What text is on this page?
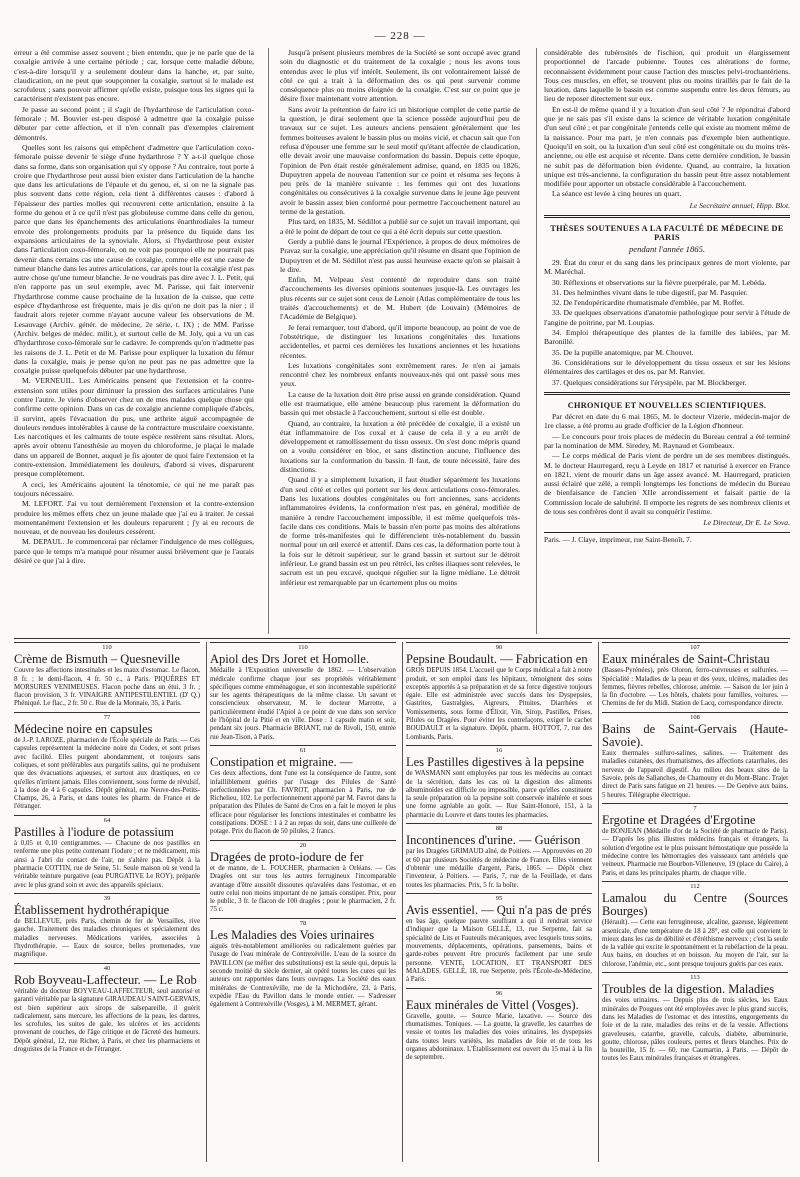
— 228 —

erreur a été commise assez souvent ; bien entendu, que je ne parle que de la coxalgie arrivée à une certaine période ; car, lorsque cette maladie débute, c'est-à-dire lorsqu'il y a seulement douleur dans la hanche, et, par suite, claudication, on ne peut que soupçonner la coxalgie, surtout si le malade est scrofuleux ; sans pouvoir affirmer qu'elle existe, puisque tous les signes qui la caractérisent n'existent pas encore.

Je passe au second point ; il s'agit de l'hydarthrose de l'articulation coxo-fémorale ; M. Bouvier est-peu disposé à admettre que la coxalgie puisse débuter par cette affection, et il n'en connaît pas d'exemples clairement démontrés.

Quelles sont les raisons qui empêchent d'admettre que l'articulation coxo-fémorale puisse devenir le siège d'une hydarthrose ? Y a-t-il quelque chose dans sa forme, dans son organisation qui s'y oppose ? Au contraire, tout porte à croire que l'hydarthrose peut aussi bien exister dans l'articulation de la hanche que dans les articulations de l'épaule et du genou, et, si on ne la signale pas plus souvent dans cette région, cela tient à différentes causes : d'abord à l'épaisseur des parties molles qui recouvrent cette articulation, ensuite à la forme du genou et à ce qu'il n'est pas globuleuse comme dans celle du genou, parce que dans les épanchements des articulations énarthrodiales la tumeur envoie des prolongements produits par la présence du liquide dans les expansions articulaires de la synoviale. Alors, si l'hydarthrose peut exister dans l'articulation coxo-fémorale, on ne voit pas pourquoi elle ne pourrait pas devenir dans certains cas une cause de coxalgie, comme elle est une cause de tumeur blanche dans les autres articulations, car après tout la coxalgie n'est pas autre chose qu'une tumeur blanche. Je ne voudrais pas dire avec J. L. Petit, qui n'en rapporte pas un seul exemple, avec M. Parisse, qui fait intervenir l'hydarthrose comme cause prochaine de la luxation de la cuisse, que cette espèce d'hydarthrose est fréquente, mais je dis qu'on ne doit pas la nier ; il faudrait alors rejeter comme n'ayant aucune valeur les observations de M. Lesauvage (Archiv. génér. de médecine, 2e série, t. IX) ; de MM. Parisse (Archiv. belges de médec. milit.), et surtout celle de M. Joly, qui a vu un cas d'hydarthrose coxo-fémorale sur le cadavre. Je comprends qu'on n'admette pas les raisons de J. L. Petit et de M. Parisse pour expliquer la luxation du fémur dans la coxalgie, mais je pense qu'on ne peut pas ne pas admettre que la coxalgie puisse quelquefois débuter par une hydarthrose.

M. VERNEUIL. Les Américains pensent que l'extension et la contre-extension sont utiles pour diminuer la pression des surfaces articulaires l'une contre l'autre. Je viens d'observer chez un de mes malades quelque chose qui confirme cette opinion. Dans un cas de coxalgie ancienne compliquée d'abcès, il survint, après l'évacuation du pus, une arthrite aiguë accompagnée de douleurs rendues intolérables à cause de la contracture musculaire coexistante. Les narcotiques et les calmants de toute espèce restèrent sans résultat. Alors, après avoir obtenu l'anesthésie au moyen du chloroforme, je plaçai le malade dans un appareil de Bonnet, auquel je fis ajouter de quoi faire l'extension et la contre-extension. Immédiatement les douleurs, d'abord si vives, disparurent presque complètement.

A ceci, les Américains ajoutent la ténotomie, ce qui ne me paraît pas toujours nécessaire.

M. LEFORT. J'ai vu tout dernièrement l'extension et la contre-extension produire les mêmes effets chez un jeune malade que j'ai eu à traiter. Je cessai momentanément l'extension et les douleurs reparurent ; j'y ai eu recours de nouveau, et de nouveau les douleurs cessèrent.

M. DEPAUL. Je commencerai par réclamer l'indulgence de mes collègues, parce que le temps m'a manqué pour résumer aussi brièvement que je l'aurais désiré ce que j'ai à dire.

Jusqu'à présent plusieurs membres de la Société se sont occupé avec grand soin du diagnostic et du traitement de la coxalgie ; nous les avons tous entendus avec le plus vif intérêt. Seulement, ils ont volontairement laissé de côté ce qui a trait à la déformation des os qui peut survenir comme conséquence plus ou moins éloignée de la coxalgie. C'est sur ce point que je désire fixer maintenant votre attention.

Sans avoir la prétention de faire ici un historique complet de cette partie de la question, je dirai seulement que la science possède aujourd'hui peu de travaux sur ce sujet. Les auteurs anciens pensaient généralement que les femmes boiteuses avaient le bassin plus ou moins vicié, et chacun sait que l'on refusa d'épouser une femme sur le seul motif qu'étant affectée de claudication, elle devait avoir une mauvaise conformation du bassin. Depuis cette époque, l'opinion de Pen était restée généralement admise, quand, en 1835 ou 1826, Dupuytren appela de nouveau l'attention sur ce point et résuma ses leçons à peu près de la manière suivante : les femmes qui ont des luxations congénitales ou consécutives à la coxalgie survenue dans le jeune âge peuvent avoir le bassin assez bien conformé pour permettre l'accouchement naturel au terme de la gestation.

Plus tard, en 1835, M. Sédillot a publié sur ce sujet un travail important, qui a été le point de départ de tout ce qui a été écrit depuis sur cette question.

Gerdy a publié dans le journal l'Expérience, à propos de deux mémoires de Pravaz sur la coxalgie, une appréciation qu'il résume en disant que l'opinion de Dupuytren et de M. Sédillot n'est pas aussi heureuse exacte qu'on se plaisait à le dire.

Enfin, M. Velpeau s'est contenté de reproduire dans son traité d'accouchements les diverses opinions soutenues jusque-là. Les ouvrages les plus récents sur ce sujet sont ceux de Lenoir (Atlas complémentaire de tous les traités d'accouchements) et de M. Hubert (de Louvain) (Mémoires de l'Académie de Belgique).

Je ferai remarquer, tout d'abord, qu'il importe beaucoup, au point de vue de l'obstétrique, de distinguer les luxations congénitales des luxations accidentelles, et parmi ces dernières les luxations anciennes et les luxations récentes.

Les luxations congénitales sont extrêmement rares. Je n'en ai jamais rencontré chez les nombreux enfants nouveaux-nés qui ont passé sous mes yeux.

La cause de la luxation doit être prise aussi en grande considération. Quand elle est traumatique, elle amène beaucoup plus rarement la déformation du bassin qui met obstacle à l'accouchement, surtout si elle est double.

Quand, au contraire, la luxation a été précédée de coxalgie, il a existé un état inflammatoire de l'os coxal et à cause de cela il y a eu arrêt de développement et ramollissement du tissu osseux. On s'est donc mépris quand on a voulu considérer en bloc, et sans distinction aucune, l'influence des luxations sur la conformation du bassin. Il faut, de toute nécessité, faire des distinctions.

Quand il y a simplement luxation, il faut étudier séparément les luxations d'un seul côté et celles qui portent sur les deux articulations coxo-fémorales. Dans les luxations doubles congénitales ou fort anciennes, sans accidents inflammatoires évidents, la conformation n'est pas, en général, modifiée de manière à rendre l'accouchement impossible, il est même quelquefois très-facile dans ces conditions. Mais le bassin n'en porte pas moins des altérations de forme très-manifestes qui le différencient très-notablement du bassin normal pour un œil exercé et attentif. Dans ces cas, la déformation porte tout à la fois sur le détroit supérieur, sur le grand bassin et surtout sur le détroit inférieur. Le grand bassin est un peu rétréci, les crêtes iliaques sont relevées, le sacrum est un peu excavé, quoique régulier sur la ligne médiane. Le détroit inférieur est remarquable par un écartement plus ou moins

considérable des tubérosités de l'ischion, qui produit un élargissement proportionnel de l'arcade pubienne. Toutes ces altérations de forme, reconnaissent évidemment pour cause l'action des muscles pelvi-trochantériens. Tous ces muscles, en effet, se trouvent plus ou moins tiraillés par le fait de la luxation, dans laquelle le bassin est comme suspendu entre les deux fémurs, au lieu de reposer directement sur eux.

En est-il de même quand il y a luxation d'un seul côté ? Je répondrai d'abord que je ne sais pas s'il existe dans la science de véritable luxation congénitale d'un seul côté ; et par congénitale j'entends celle qui existe au moment même de la naissance. Pour ma part, je n'en connais pas d'exemple bien authentique. Quoiqu'il en soit, ou la luxation d'un seul côté est congénitale ou du moins très-ancienne, ou elle est acquise et récente. Dans cette dernière condition, le bassin ne subit pas de déformation bien évidente. Quand, au contraire, la luxation unique est très-ancienne, la configuration du bassin peut être assez notablement modifiée pour apporter un obstacle considérable à l'accouchement.

La séance est levée à cinq heures un quart.

Le Secrétaire annuel, Hipp. Blot.
THÈSES SOUTENUES A LA FACULTÉ DE MÉDECINE DE PARIS
pendant l'année 1865.

29. État du cœur et du sang dans les principaux genres de mort violente, par M. Maréchal.

30. Réflexions et observations sur la fièvre puerpérale, par M. Lebéda.

31. Des helminthes vivant dans le tube digestif, par M. Pasquier.

32. De l'endopéricardite rhumatismale d'emblée, par M. Roffet.

33. De quelques observations d'anatomie pathologique pour servir à l'étude de l'angine de poitrine, par M. Loupias.

34. Emploi thérapeutique des plantes de la famille des labiées, par M. Baronillé.

35. De la pupille anatomique, par M. Chouvet.

36. Considérations sur le développement du tissu osseux et sur les lésions élémentaires des cartilages et des os, par M. Ranvier.

37. Quelques considérations sur l'érysipèle, par M. Blockberger.

CHRONIQUE ET NOUVELLES SCIENTIFIQUES.

Par décret en date du 6 mai 1865, M. le docteur Vizerie, médecin-major de 1re classe, a été promu au grade d'officier de la Légion d'honneur.

— Le concours pour trois places de médecin du Bureau central a été terminé par la nomination de MM. Siredey, M. Raynaud et Gombeaux.

— Le corps médical de Paris vient de perdre un de ses membres distingués. M. le docteur Haurregard, reçu à Leyde en 1817 et naturisé à exercer en France en 1821, vient de mourir dans un âge assez avancé. M. Haurregard, praticien aussi éclairé que zélé, a rempli longtemps les fonctions de médecin du Bureau de bienfaisance de l'ancien XIIe arrondissement et faisait partie de la Commission locale de salubrité. Il emporte les regrets de ses nombreux clients et de tous ses confrères dont il avait su conquérir l'estime.

Le Directeur, Dr E. Le Sova.

Paris. — J. Claye, imprimeur, rue Saint-Benoît, 7.

110
Crème de Bismuth – Quesneville

Couvre les affections intestinales et les maux d'estomac. Le flacon, 8 fr. ; le demi-flacon, 4 fr. 50 c., à Paris. PIQUÈRES ET MORSURES VENIMEUSES. Flacon poche dans un étui, 3 fr. ; flacon provision, 3 fr. VINAIGRE ANTIPESTILENTIEL (D' Q.) Phéniqué. Le flac., 2 fr. 50 c. Rue de la Monnaie, 35, à Paris.

77
Médecine noire en capsules

de J.-P. LAROZE, pharmacien de l'École spéciale de Paris. — Ces capsules représentent la médecine noire du Codex, et sont prises avec facilité. Elles purgent abondamment, et toujours sans coliques, et sont préférables aux purgatifs salins, qui ne produisent que des évacuations aqueuses, et surtout aux drastiques, en ce qu'elles n'irritent jamais. Elles conviennent, sous forme de révulsif, à la dose de 4 à 6 capsules. Dépôt général, rue Neuve-des-Petits-Champs, 26, à Paris, et dans toutes les pharm. de France et de l'étranger.

64
Pastilles à l'iodure de potassium

à 0,05 et 0,10 centigrammes. — Chacune de nos pastilles en renferme une plus petite contenant l'iodure ; et ne médicament, mis ainsi à l'abri du contact de l'air, ne s'altère pas. Dépôt à la pharmacie COTTIN, rue de Seine, 51. Seule maison où se vend la véritable teinture purgative (eau PURGATIVE Le ROY), préparée avec le plus grand soin et avec des appareils spéciaux.

39
Établissement hydrothérapique

de BELLEVUE, près Paris, chemin de fer de Versailles, rive gauche. Traitement des maladies chroniques et spécialement des maladies nerveuses. Médications variées, associées à l'hydrothérapie. — Eaux de source, belles promenades, vue magnifique.

40
Rob Boyveau-Laffecteur. — Le Rob

véritable du docteur BOYVEAU-LAFFECTEUR, seul autorisé et garanti véritable par la signature GIRAUDEAU SAINT-GERVAIS, est bien supérieur aux sirops de salsepareille, il guérit radicalement, sans mercure, les affections de la peau, les dartres, les scrofules, les suites de gale, les ulcères et les accidents provenant de couches, de l'âge critique et de l'âcreté des humeurs. Dépôt général, 12, rue Richer, à Paris, et chez les pharmaciens et droguistes de la France et de l'étranger.

110
Apiol des Drs Joret et Homolle.

Médaille à l'Exposition universelle de 1862. — L'observation médicale confirme chaque jour ses propriétés véritablement spécifiques comme emménagogue, et son incontestable supériorité sur les agents thérapeutiques de la même classe. Un savant et consciencieux observateur, M. le docteur Marrotte, a particulièrement étudié l'Apiol à ce point de vue dans son service de l'hôpital de la Pitié et en ville. Dose : 1 capsule matin et soir, pendant six jours. Pharmacie BRIANT, rue de Rivoli, 150, entrée rue Jean-Tison, à Paris.

61
Constipation et migraine. —

Ces deux affections, dont l'une est la conséquence de l'autre, sont infailliblement guéries par l'usage des Pilules de Santé perfectionnées par Ch. FAVROT, pharmacien à Paris, rue de Richelieu, 102. Le perfectionnement apporté par M. Favrot dans la préparation des Pilules de Santé de Cros en a fait le moyen le plus efficace pour régulariser les fonctions intestinales et combattre les constipations. DOSE : 1 à 2 au repas du soir, dans une cuillerée de potage. Prix du flacon de 50 pilules, 2 francs.

20
Dragées de proto-iodure de fer

et de manne, de L. FOUCHER, pharmacien à Orléans. — Ces Dragées ont sur tous les autres ferrugineux l'incomparable avantage d'être aussitôt dissoutes qu'avalées dans l'estomac, et en outre celui non moins important de ne jamais constiper. Prix, pour le public, 3 fr. le flacon de 100 dragées ; pour le pharmacien, 2 fr. 75 c.

78
Les Maladies des Voies urinaires

aiguës très-notablement améliorées ou radicalement guéries par l'usage de l'eau minérale de Contrexéville. L'eau de la source du PAVILLON (se méfier des substitutions) est la seule qui, depuis la seconde moitié du siècle dernier, ait opéré toutes les cures qui les auteurs ont rapportées dans leurs ouvrages. La Société des eaux minérales de Contrexéville, rue de la Michodière, 23, à Paris, expédie l'Eau du Pavillon dans le monde entier. — S'adresser également à Contrexéville (Vosges), à M. MERMET, gérant.

90
Pepsine Boudault. — Fabrication en

GROS DEPUIS 1854. L'accueil que le Corps médical a fait à notre produit, et son emploi dans les hôpitaux, témoignent des soins exceptés apportés à sa préparation et de sa force digestive toujours égale. Elle est administrée avec succès dans les Dyspepsies, Gastrites, Gastralgies, Aigreurs, Pituites, Diarrhées et Vomissements, sous forme d'Élixir, Vin, Sirop, Pastilles, Prises, Pilules ou Dragées. Pour éviter les contrefaçons, exiger le cachet BOUDAULT et la signature. Dépôt, pharm. HOTTOT, 7, rue des Lombards, Paris.

16
Les Pastilles digestives à la pepsine

de WASMANN sont employées par tous les médecins au contact de la sécrétion, dans les cas où la digestion des aliments albuminoïdes est difficile ou impossible, parce qu'elles constituent la seule préparation où la pepsine soit conservée inaltérée et sous une forme agréable au goût. — Rue Saint-Honoré, 151, à la pharmacie du Louvre et dans toutes les pharmacies.

88
Incontinences d'urine. — Guérison

par les Dragées GRIMAUD aîné, de Poitiers. — Approuvées en 20 et 60 par plusieurs Sociétés de médecine de France. Elles viennent d'obtenir une médaille d'argent, Paris, 1865. — Dépôt chez l'inventeur, à Poitiers. — Paris, 7, rue de la Feuillade, et dans toutes les pharmacies. Prix, 5 fr. la boîte.

95
Avis essentiel. — Qui n'a pas de prés

en bas âge, quelque pauvre souffrant a qui il rendrait service d'indiquer que la Maison GELLÉ, 13, rue Serpente, fait sa spécialité de Lits et Fauteuils mécaniques, avec lesquels tous soins, mouvements, déplacements, opérations, pansements, bains et garde-robes peuvent être procurés facilement par une seule personne. VENTE, LOCATION, ET TRANSPORT DES MALADES. GELLÉ, 18, rue Serpente, près l'École-de-Médecine, à Paris.

96
Eaux minérales de Vittel (Vosges).

Gravelle, goutte. — Source Marie, laxative. — Source des rhumatismes. Toniques. — La goutte, la gravelle, les catarrhes de vessie et toutes les maladies des voies urinaires, les dyspepsies dans toutes leurs variétés, les maladies de foie et de tous les organes abdominaux. L'Établissement est ouvert du 15 mai à la fin de septembre.

107
Eaux minérales de Saint-Christau

(Basses-Pyrénées), près Oloron, ferro-cuivreuses et sulfurées. — Spécialité : Maladies de la peau et des yeux, ulcères, maladies des femmes, fièvres rebelles, chlorose, anémie. — Saison du 1er juin à la fin d'octobre. — Les hôtels, chalets pour familles, voitures. — Chemins de fer du Midi. Station de Lacq, correspondance directe.

108
Bains de Saint-Gervais (Haute-Savoie).

Eaux thermales sulfuro-salines, salines. — Traitement des maladies cutanées, des rhumatismes, des affections catarrhales, des nerveux de l'appareil digestif. Au milieu des beaux sites de la Savoie, près de Sallanches, de Chamouny et du Mont-Blanc. Trajet direct de Paris sans fatigue en 21 heures. — De Genève aux bains, 5 heures. Télégraphe électrique.

7
Ergotine et Dragées d'Ergotine

de BONJEAN (Médaille d'or de la Société de pharmacie de Paris). — D'après les plus illustres médecins français et étrangers, la solution d'ergotine est le plus puissant hémostatique que possède la médecine contre les hémorragies des vaisseaux tant artériels que veineux. Pharmacie rue Bourbon-Villeneuve, 19 (place du Caire), à Paris, et dans les principales pharm. de chaque ville.

112
Lamalou du Centre (Sources Bourges)

(Hérault). — Cette eau ferrugineuse, alcaline, gazeuse, légèrement arsenicale, d'une température de 18 à 28°, est celle qui convient le mieux dans les cas de débilité et d'éréthisme nerveux ; c'est la seule de la vallée qui excite le spontanément et la rubéfaction de la peau. Aux bains, en douches et en boisson. Au moyen de l'air, sur la chlorose, l'anémie, etc., sont presque toujours guéris par ces eaux.

113
Troubles de la digestion. Maladies

des voies urinaires. — Depuis plus de trois siècles, les Eaux minérales de Pougues ont été employées avec le plus grand succès, dans les Maladies de l'estomac et des intestins, engorgements du foie et de la rate, maladies des reins et de la vessie. Affections graveleuses, catarrhe, gravelle, calculs, diabète, albuminurie, goutte, chlorose, pâles couleurs, pertes et fleurs blanches. Prix de la bouteille, 15 fr. — 60, rue Caumartin, à Paris. — Dépôt de toutes les Eaux minérales françaises et étrangères.
